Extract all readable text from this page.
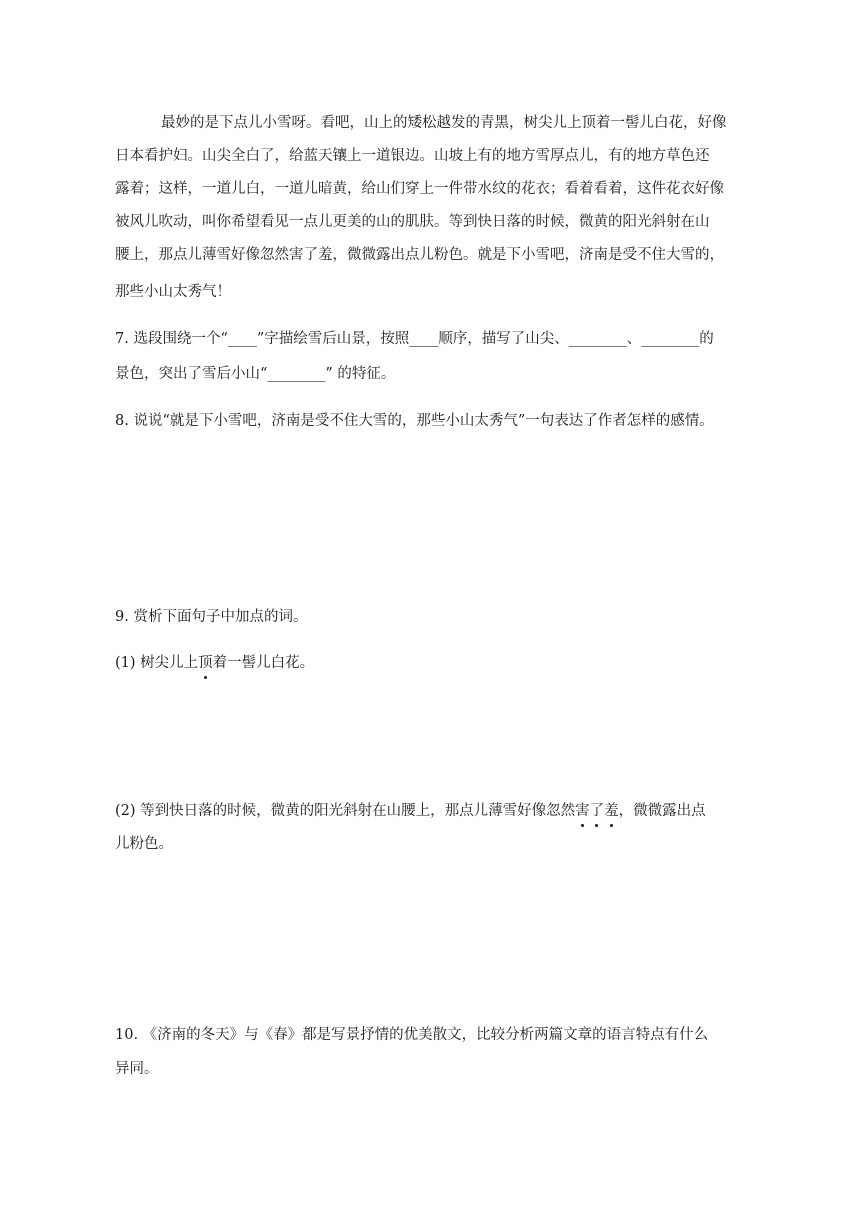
最妙的是下点儿小雪呀。看吧，山上的矮松越发的青黑，树尖儿上顶着一髻儿白花，好像
日本看护妇。山尖全白了，给蓝天镶上一道银边。山坡上有的地方雪厚点儿，有的地方草色还
露着；这样，一道儿白，一道儿暗黄，给山们穿上一件带水纹的花衣；看着看着，这件花衣好像
被风儿吹动，叫你希望看见一点儿更美的山的肌肤。等到快日落的时候，微黄的阳光斜射在山
腰上，那点儿薄雪好像忽然害了羞，微微露出点儿粉色。就是下小雪吧，济南是受不住大雪的，
那些小山太秀气！
7. 选段围绕一个“____”字描绘雪后山景，按照____顺序，描写了山尖、________、________的
景色，突出了雪后小山“________” 的特征。
8. 说说“就是下小雪吧，济南是受不住大雪的，那些小山太秀气”一句表达了作者怎样的感情。
9. 赏析下面句子中加点的词。
(1) 树尖儿上顶着一髻儿白花。
(2) 等到快日落的时候，微黄的阳光斜射在山腰上，那点儿薄雪好像忽然害了羞，微微露出点
儿粉色。
10. 《济南的冬天》与《春》都是写景抒情的优美散文，比较分析两篇文章的语言特点有什么
异同。
